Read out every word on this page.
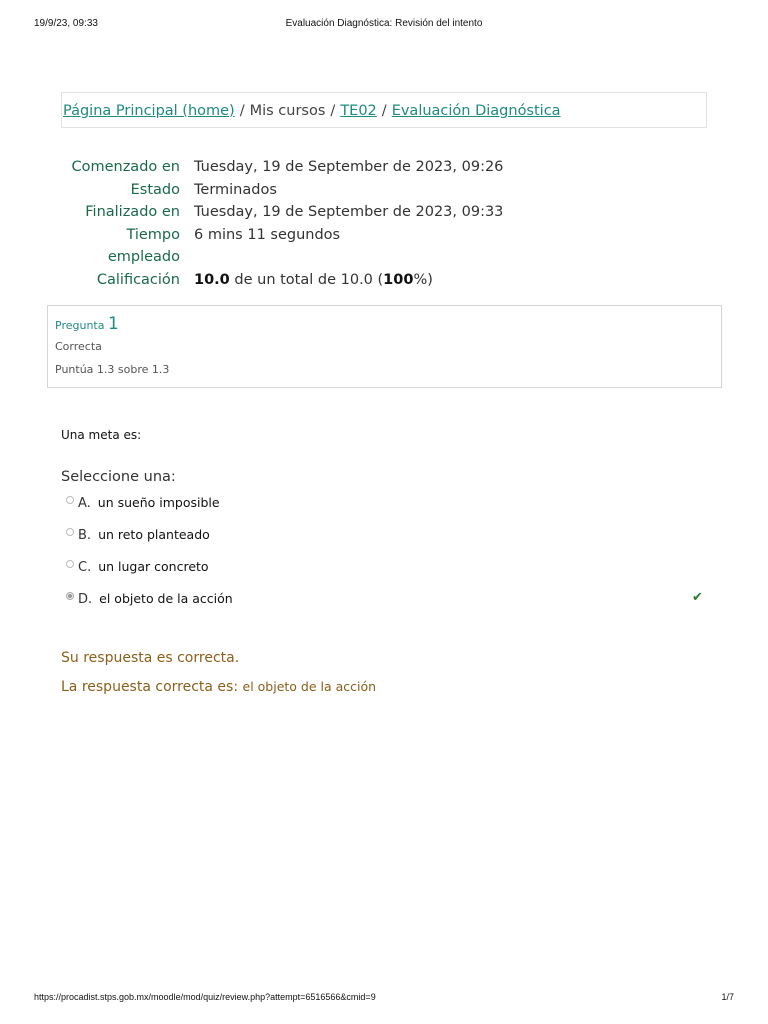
19/9/23, 09:33	Evaluación Diagnóstica: Revisión del intento
Página Principal (home) / Mis cursos / TE02 / Evaluación Diagnóstica
Comenzado en Tuesday, 19 de September de 2023, 09:26
Estado Terminados
Finalizado en Tuesday, 19 de September de 2023, 09:33
Tiempo
empleado
6 mins 11 segundos
Calificación 10.0 de un total de 10.0 (100%)
Pregunta 1
Correcta
Puntúa 1.3 sobre 1.3
Una meta es:
Seleccione una:
A. un sueño imposible
B. un reto planteado
C. un lugar concreto
D. el objeto de la acción	✔
Su respuesta es correcta.
La respuesta correcta es: el objeto de la acción
https://procadist.stps.gob.mx/moodle/mod/quiz/review.php?attempt=6516566&cmid=9	1/7
